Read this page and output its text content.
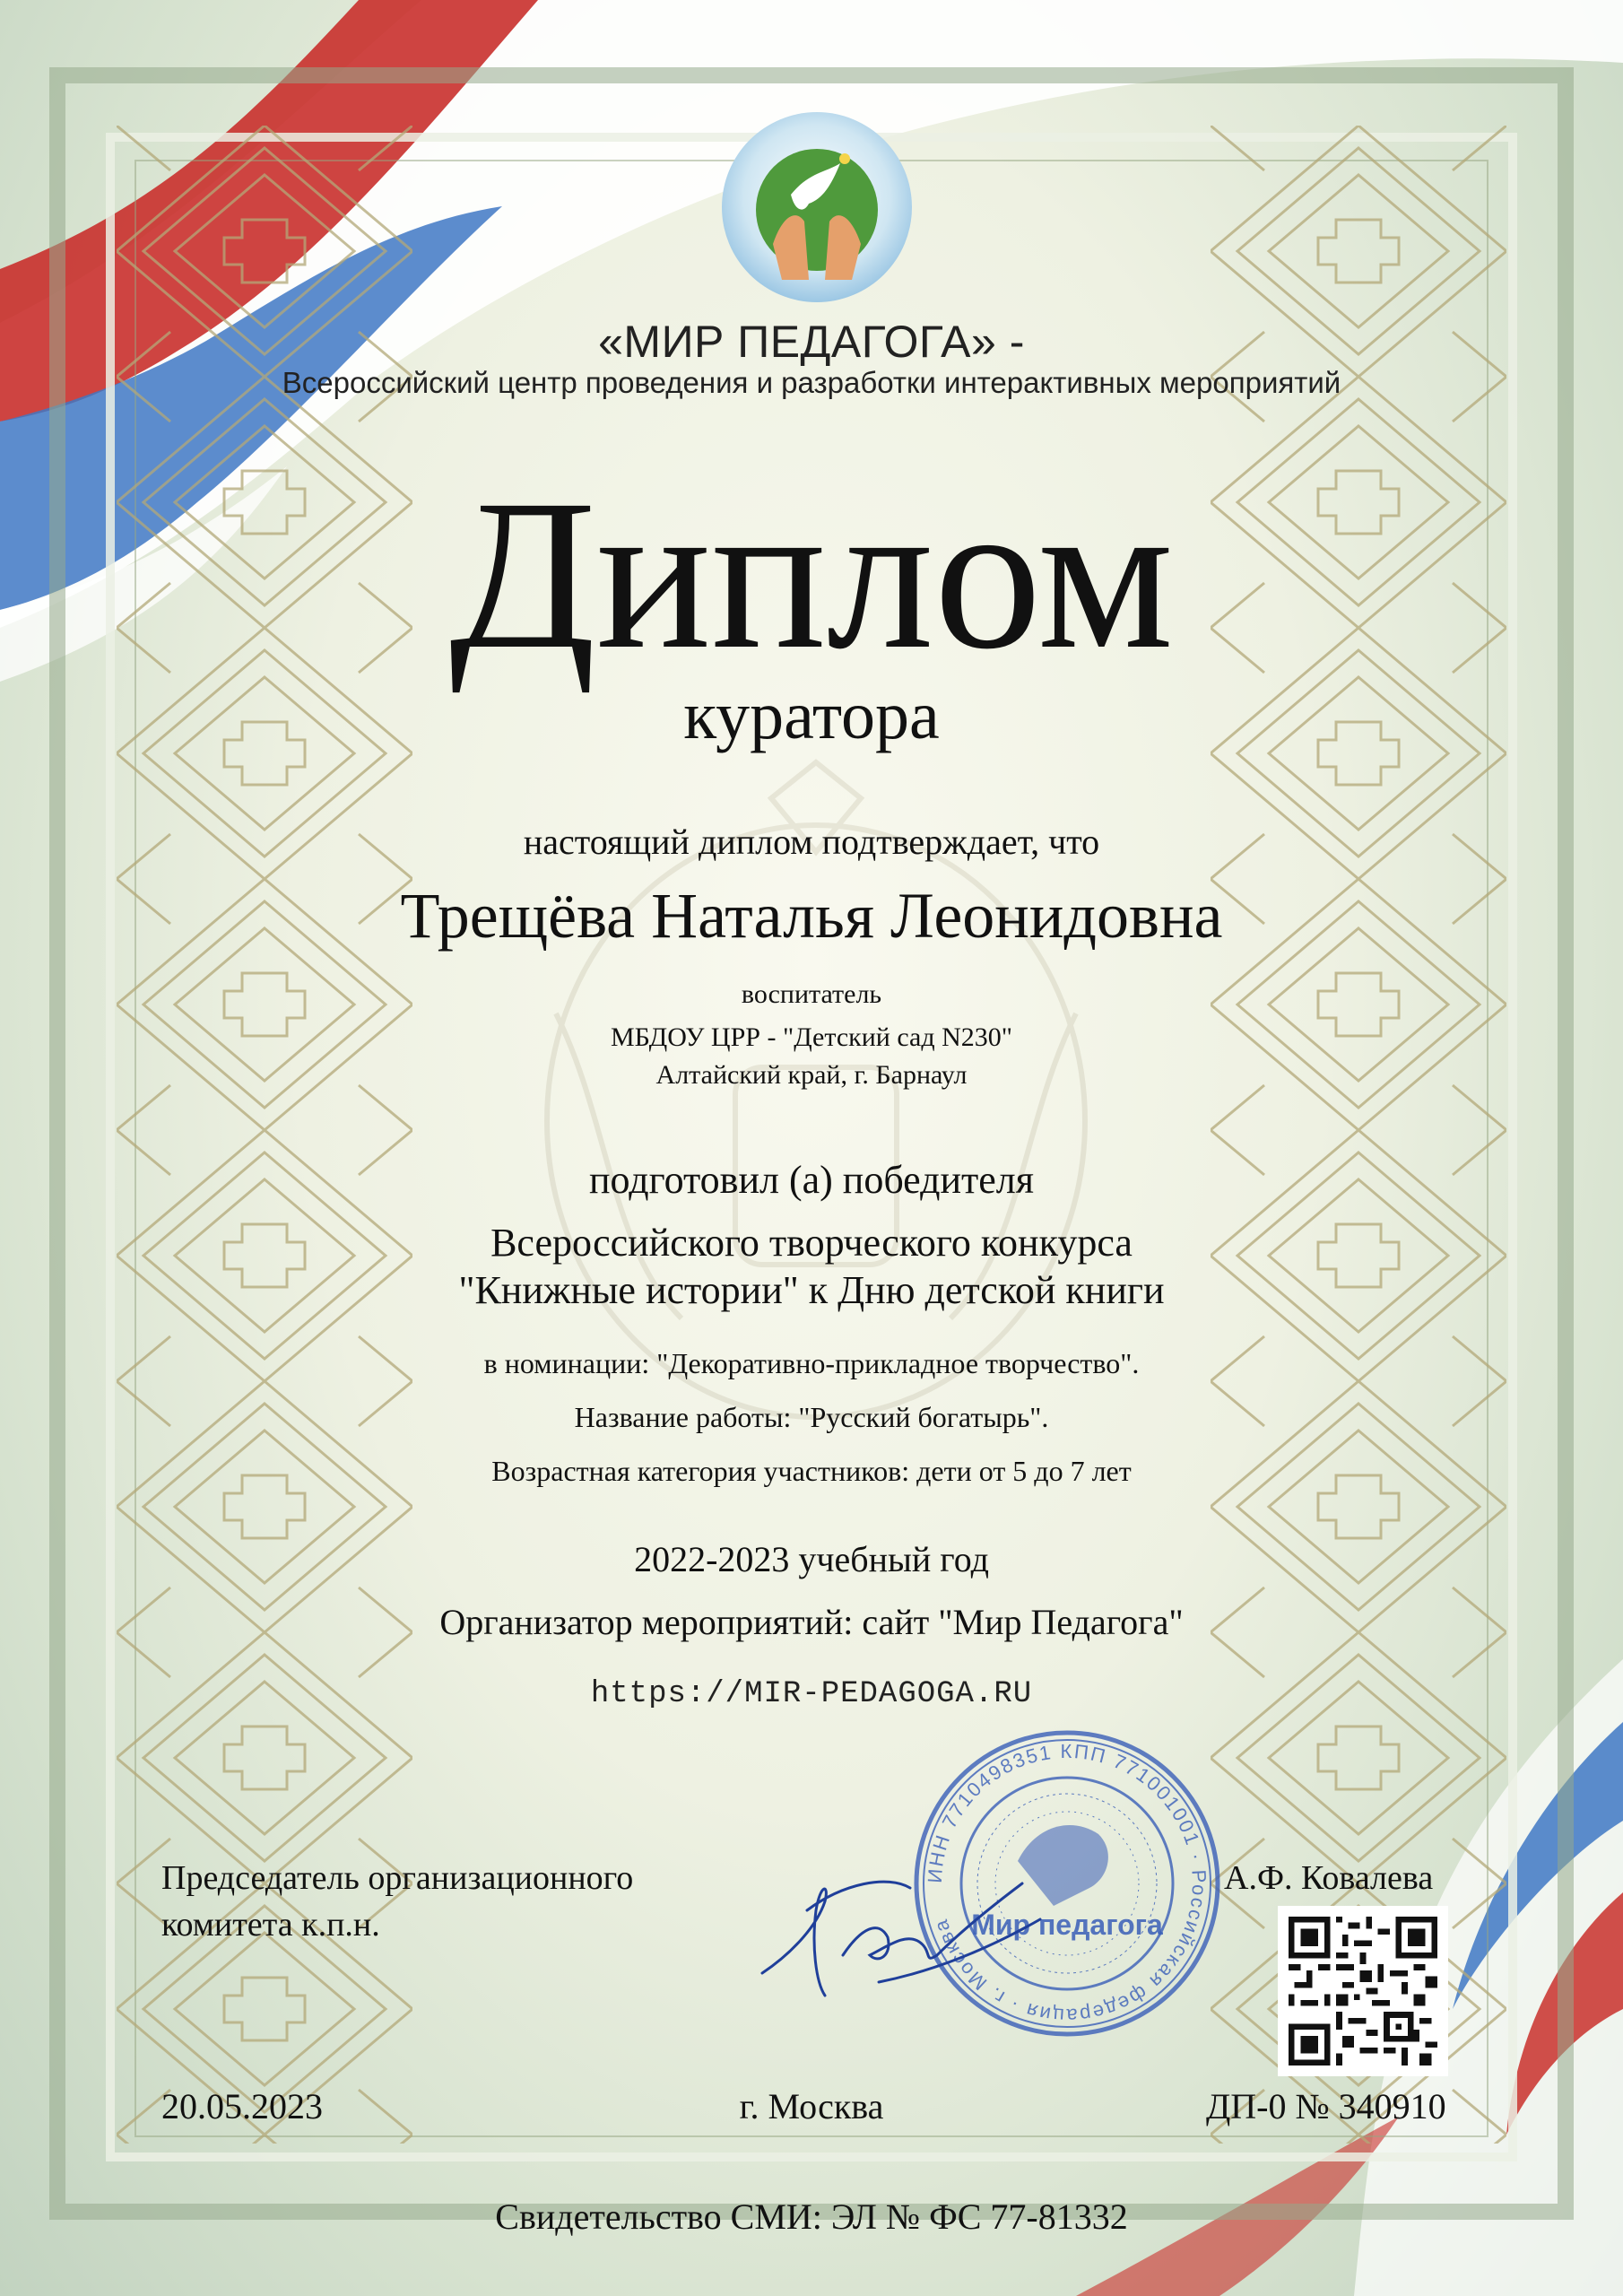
«МИР ПЕДАГОГА» -
Всероссийский центр проведения и разработки интерактивных мероприятий
Диплом
куратора
настоящий диплом подтверждает, что
Трещёва Наталья Леонидовна
воспитатель
МБДОУ ЦРР - "Детский сад N230"
Алтайский край, г. Барнаул
подготовил (а) победителя
Всероссийского творческого конкурса
"Книжные истории" к Дню детской книги
в номинации: "Декоративно-прикладное творчество".
Название работы: "Русский богатырь".
Возрастная категория участников: дети от 5 до 7 лет
2022-2023 учебный год
Организатор мероприятий: сайт "Мир Педагога"
https://MIR-PEDAGOGA.RU
Председатель организационного
комитета к.п.н.
А.Ф. Ковалева
ИНН 7710498351 КПП 771001001 · Российская федерация · г. Москва Мир педагога
20.05.2023	г. Москва	ДП-0 № 340910
Свидетельство СМИ: ЭЛ № ФС 77-81332
